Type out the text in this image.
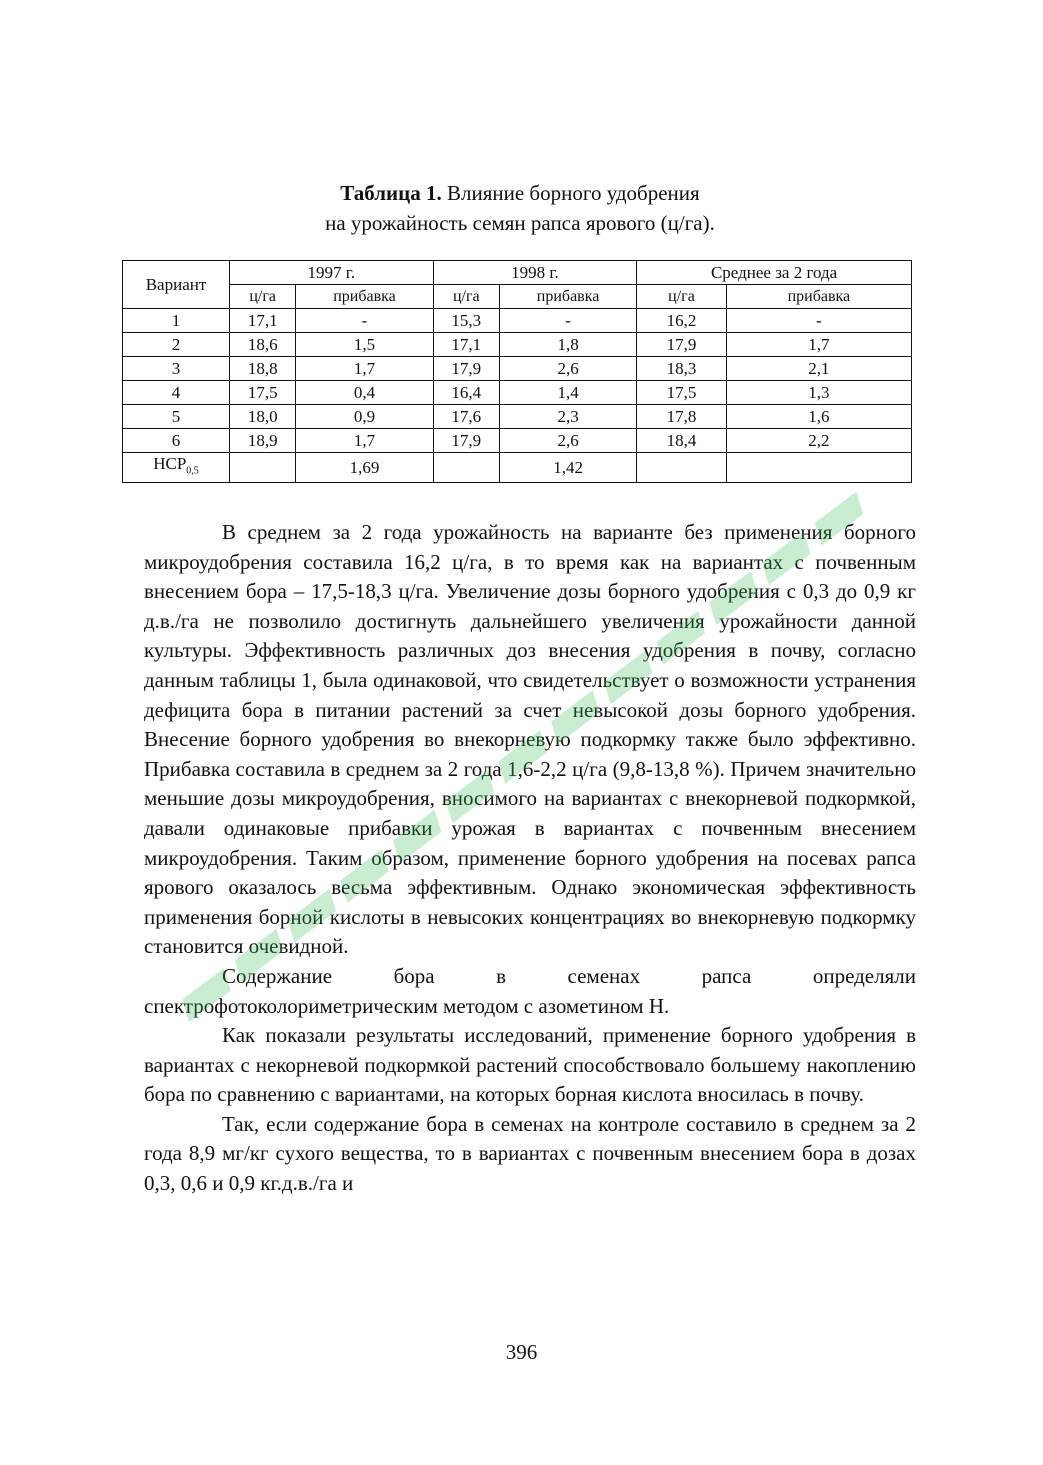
Таблица 1. Влияние борного удобрения
на урожайность семян рапса ярового (ц/га).
Вариант	1997 г.		1998 г.		Среднее за 2 года	
	ц/га	прибавка	ц/га	прибавка	ц/га	прибавка
1	17,1	-	15,3	-	16,2	-
2	18,6	1,5	17,1	1,8	17,9	1,7
3	18,8	1,7	17,9	2,6	18,3	2,1
4	17,5	0,4	16,4	1,4	17,5	1,3
5	18,0	0,9	17,6	2,3	17,8	1,6
6	18,9	1,7	17,9	2,6	18,4	2,2
$НСР_{0,5}$		1,69		1,42		

В среднем за 2 года урожайность на варианте без применения борного микроудобрения составила 16,2 ц/га, в то время как на вариантах с почвенным внесением бора – 17,5-18,3 ц/га. Увеличение дозы борного удобрения с 0,3 до 0,9 кг д.в./га не позволило достигнуть дальнейшего увеличения урожайности данной культуры. Эффективность различных доз внесения удобрения в почву, согласно данным таблицы 1, была одинаковой, что свидетельствует о возможности устранения дефицита бора в питании растений за счет невысокой дозы борного удобрения. Внесение борного удобрения во внекорневую подкормку также было эффективно. Прибавка составила в среднем за 2 года 1,6-2,2 ц/га (9,8-13,8 %). Причем значительно меньшие дозы микроудобрения, вносимого на вариантах с внекорневой подкормкой, давали одинаковые прибавки урожая в вариантах с почвенным внесением микроудобрения. Таким образом, применение борного удобрения на посевах рапса ярового оказалось весьма эффективным. Однако экономическая эффективность применения борной кислоты в невысоких концентрациях во внекорневую подкормку становится очевидной.

Содержание бора в семенах рапса определяли спектрофотоколориметрическим методом с азометином Н.

Как показали результаты исследований, применение борного удобрения в вариантах с некорневой подкормкой растений способствовало большему накоплению бора по сравнению с вариантами, на которых борная кислота вносилась в почву.

Так, если содержание бора в семенах на контроле составило в среднем за 2 года 8,9 мг/кг сухого вещества, то в вариантах с почвенным внесением бора в дозах 0,3, 0,6 и 0,9 кг.д.в./га и

396
